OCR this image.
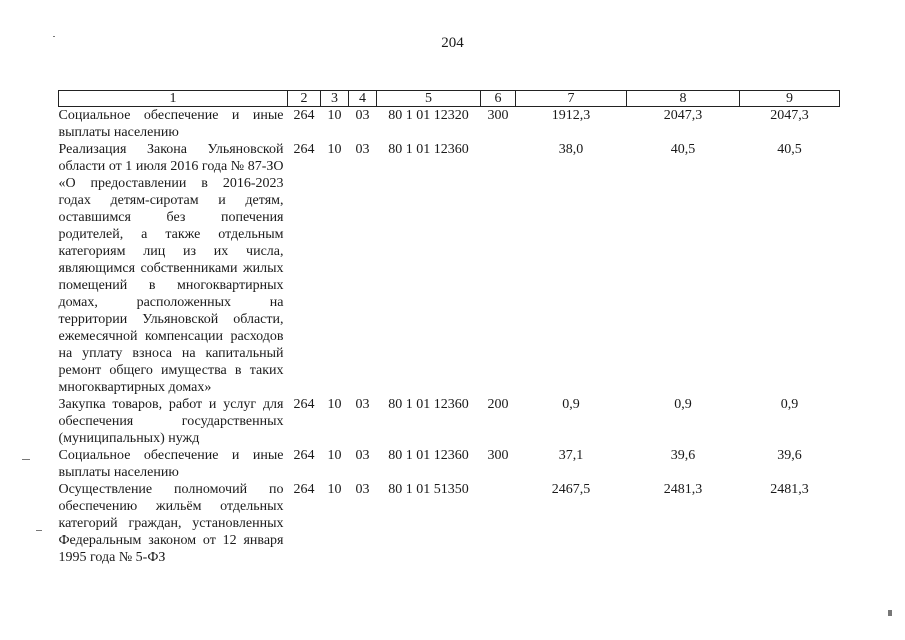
204
1	2	3	4	5	6	7	8	9
Социальное обеспечение и иные выплаты населению	264	10	03	80 1 01 12320	300	1912,3	2047,3	2047,3
Реализация Закона Ульяновской области от 1 июля 2016 года № 87-ЗО «О предоставлении в 2016-2023 годах детям-сиротам и детям, оставшимся без попечения родителей, а также отдельным категориям лиц из их числа, являющимся собственниками жилых помещений в многоквартирных домах, расположенных на территории Ульяновской области, ежемесячной компенсации расходов на уплату взноса на капитальный ремонт общего имущества в таких многоквартирных домах»	264	10	03	80 1 01 12360		38,0	40,5	40,5
Закупка товаров, работ и услуг для обеспечения государственных (муниципальных) нужд	264	10	03	80 1 01 12360	200	0,9	0,9	0,9
Социальное обеспечение и иные выплаты населению	264	10	03	80 1 01 12360	300	37,1	39,6	39,6
Осуществление полномочий по обеспечению жильём отдельных категорий граждан, установленных Федеральным законом от 12 января 1995 года № 5-ФЗ	264	10	03	80 1 01 51350		2467,5	2481,3	2481,3
